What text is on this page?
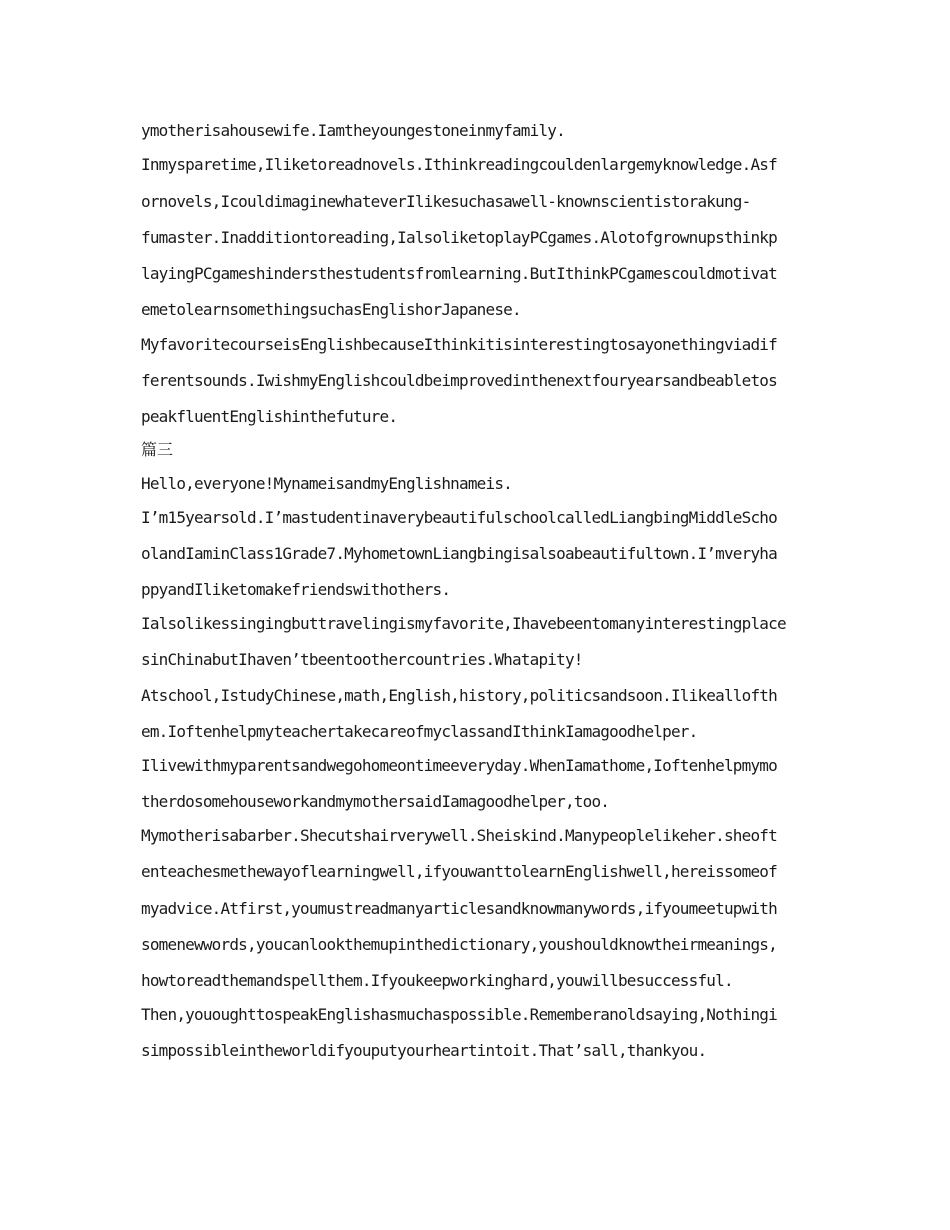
ymotherisahousewife.Iamtheyoungestoneinmyfamily.
Inmysparetime,Iliketoreadnovels.Ithinkreadingcouldenlargemyknowledge.Asf
ornovels,IcouldimaginewhateverIlikesuchasawell-knownscientistorakung-
fumaster.Inadditiontoreading,IalsoliketoplayPCgames.Alotofgrownupsthinkp
layingPCgameshindersthestudentsfromlearning.ButIthinkPCgamescouldmotivat
emetolearnsomethingsuchasEnglishorJapanese.
MyfavoritecourseisEnglishbecauseIthinkitisinterestingtosayonethingviadif
ferentsounds.IwishmyEnglishcouldbeimprovedinthenextfouryearsandbeabletos
peakfluentEnglishinthefuture.
篇三
Hello,everyone!MynameisandmyEnglishnameis.
I’m15yearsold.I’mastudentinaverybeautifulschoolcalledLiangbingMiddleScho
olandIaminClass1Grade7.MyhometownLiangbingisalsoabeautifultown.I’mveryha
ppyandIliketomakefriendswithothers.
Ialsolikessingingbuttravelingismyfavorite,Ihavebeentomanyinterestingplace
sinChinabutIhaven’tbeentoothercountries.Whatapity!
Atschool,IstudyChinese,math,English,history,politicsandsoon.Ilikeallofth
em.IoftenhelpmyteachertakecareofmyclassandIthinkIamagoodhelper.
Ilivewithmyparentsandwegohomeontimeeveryday.WhenIamathome,Ioftenhelpmymo
therdosomehouseworkandmymothersaidIamagoodhelper,too.
Mymotherisabarber.Shecutshairverywell.Sheiskind.Manypeoplelikeher.sheoft
enteachesmethewayoflearningwell,ifyouwanttolearnEnglishwell,hereissomeof
myadvice.Atfirst,youmustreadmanyarticlesandknowmanywords,ifyoumeetupwith
somenewwords,youcanlookthemupinthedictionary,youshouldknowtheirmeanings,
howtoreadthemandspellthem.Ifyoukeepworkinghard,youwillbesuccessful.
Then,yououghttospeakEnglishasmuchaspossible.Rememberanoldsaying,Nothingi
simpossibleintheworldifyouputyourheartintoit.That’sall,thankyou.
